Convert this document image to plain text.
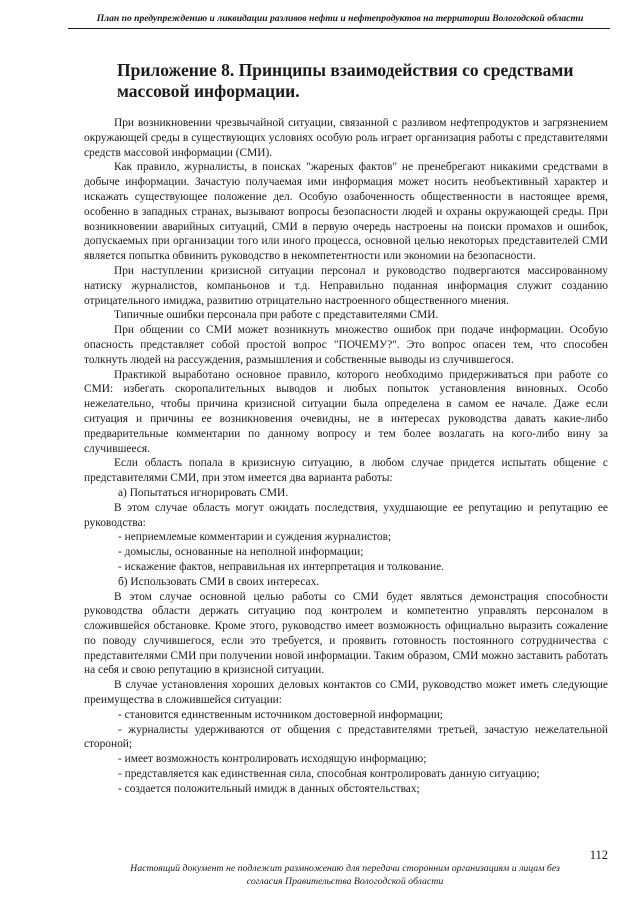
План по предупреждению и ликвидации разливов нефти и нефтепродуктов на территории Вологодской области
Приложение 8. Принципы взаимодействия со средствами массовой информации.

При возникновении чрезвычайной ситуации, связанной с разливом нефтепродуктов и загрязнением окружающей среды в существующих условиях особую роль играет организация работы с представителями средств массовой информации (СМИ).

Как правило, журналисты, в поисках "жареных фактов" не пренебрегают никакими средствами в добыче информации. Зачастую получаемая ими информация может носить необъективный характер и искажать существующее положение дел. Особую озабоченность общественности в настоящее время, особенно в западных странах, вызывают вопросы безопасности людей и охраны окружающей среды. При возникновении аварийных ситуаций, СМИ в первую очередь настроены на поиски промахов и ошибок, допускаемых при организации того или иного процесса, основной целью некоторых представителей СМИ является попытка обвинить руководство в некомпетентности или экономии на безопасности.

При наступлении кризисной ситуации персонал и руководство подвергаются массированному натиску журналистов, компаньонов и т.д. Неправильно поданная информация служит созданию отрицательного имиджа, развитию отрицательно настроенного общественного мнения.

Типичные ошибки персонала при работе с представителями СМИ.

При общении со СМИ может возникнуть множество ошибок при подаче информации. Особую опасность представляет собой простой вопрос "ПОЧЕМУ?". Это вопрос опасен тем, что способен толкнуть людей на рассуждения, размышления и собственные выводы из случившегося.

Практикой выработано основное правило, которого необходимо придерживаться при работе со СМИ: избегать скоропалительных выводов и любых попыток установления виновных. Особо нежелательно, чтобы причина кризисной ситуации была определена в самом ее начале. Даже если ситуация и причины ее возникновения очевидны, не в интересах руководства давать какие-либо предварительные комментарии по данному вопросу и тем более возлагать на кого-либо вину за случившееся.

Если область попала в кризисную ситуацию, в любом случае придется испытать общение с представителями СМИ, при этом имеется два варианта работы:

а) Попытаться игнорировать СМИ.

В этом случае область могут ожидать последствия, ухудшающие ее репутацию и репутацию ее руководства:

- неприемлемые комментарии и суждения журналистов;

- домыслы, основанные на неполной информации;

- искажение фактов, неправильная их интерпретация и толкование.

б) Использовать СМИ в своих интересах.

В этом случае основной целью работы со СМИ будет являться демонстрация способности руководства области держать ситуацию под контролем и компетентно управлять персоналом в сложившейся обстановке. Кроме этого, руководство имеет возможность официально выразить сожаление по поводу случившегося, если это требуется, и проявить готовность постоянного сотрудничества с представителями СМИ при получении новой информации. Таким образом, СМИ можно заставить работать на себя и свою репутацию в кризисной ситуации.

В случае установления хороших деловых контактов со СМИ, руководство может иметь следующие преимущества в сложившейся ситуации:

- становится единственным источником достоверной информации;

- журналисты удерживаются от общения с представителями третьей, зачастую нежелательной стороной;

- имеет возможность контролировать исходящую информацию;

- представляется как единственная сила, способная контролировать данную ситуацию;

- создается положительный имидж в данных обстоятельствах;

112
Настоящий документ не подлежит размножению для передачи сторонним организациям и лицам без
согласия Правительства Вологодской области
